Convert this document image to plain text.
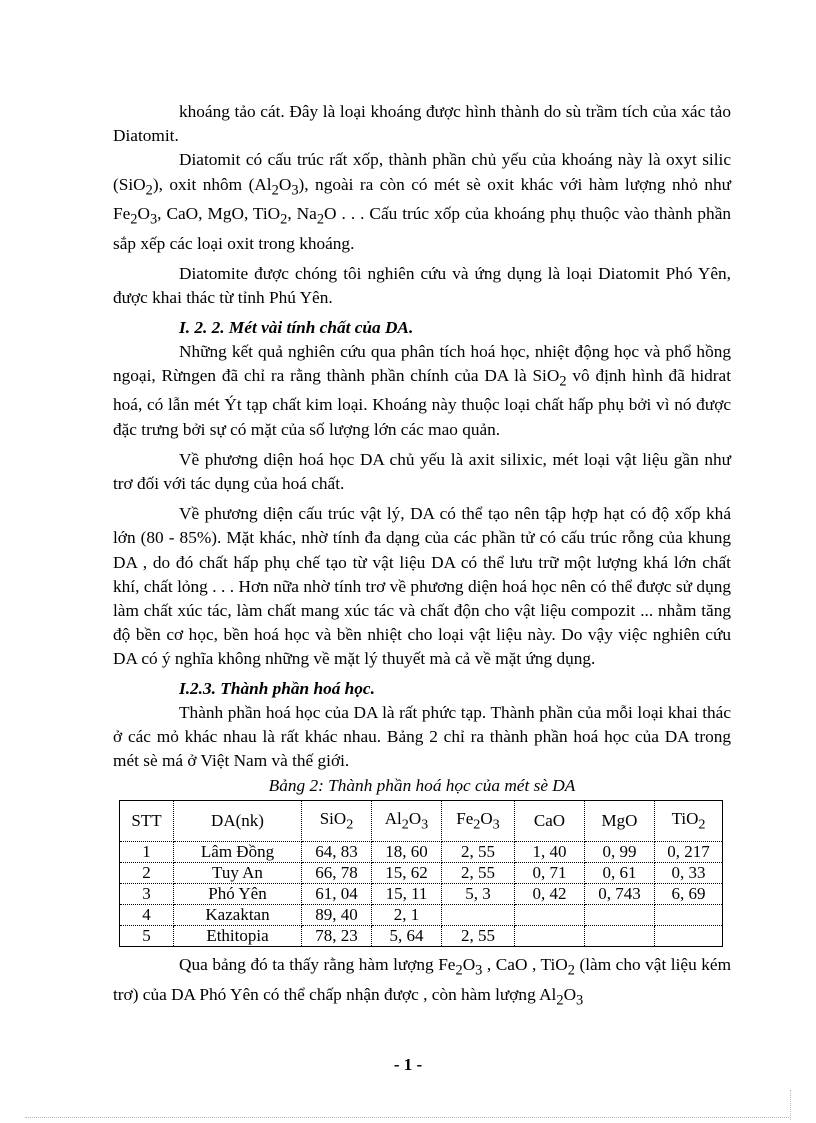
khoáng tảo cát. Đây là loại khoáng được hình thành do sù trầm tích của xác tảo Diatomit.

Diatomit có cấu trúc rất xốp, thành phần chủ yếu của khoáng này là oxyt silic (SiO$_2$), oxit nhôm $(Al_2O_3)$, ngoài ra còn có mét sè oxit khác với hàm lượng nhỏ như $Fe_2O_3$, CaO, MgO, TiO$_2$, $Na_2O$ . . . Cấu trúc xốp của khoáng phụ thuộc vào thành phần sắp xếp các loại oxit trong khoáng.

Diatomite được chóng tôi nghiên cứu và ứng dụng là loại Diatomit Phó Yên, được khai thác từ tỉnh Phú Yên.

I. 2. 2. Mét vài tính chất của DA.

Những kết quả nghiên cứu qua phân tích hoá học, nhiệt động học và phổ hồng ngoại, Rừngen đã chỉ ra rằng thành phần chính của DA là SiO$_2$ vô định hình đã hidrat hoá, có lẫn mét Ýt tạp chất kim loại. Khoáng này thuộc loại chất hấp phụ bởi vì nó được đặc trưng bởi sự có mặt của số lượng lớn các mao quản.

Về phương diện hoá học DA chủ yếu là axit silixic, mét loại vật liệu gần như trơ đối với tác dụng của hoá chất.

Về phương diện cấu trúc vật lý, DA có thể tạo nên tập hợp hạt có độ xốp khá lớn (80 - 85%). Mặt khác, nhờ tính đa dạng của các phần tử có cấu trúc rỗng của khung DA , do đó chất hấp phụ chế tạo từ vật liệu DA có thể lưu trữ một lượng khá lớn chất khí, chất lỏng . . . Hơn nữa nhờ tính trơ về phương diện hoá học nên có thể được sử dụng làm chất xúc tác, làm chất mang xúc tác và chất độn cho vật liệu compozit ... nhằm tăng độ bền cơ học, bền hoá học và bền nhiệt cho loại vật liệu này. Do vậy việc nghiên cứu DA có ý nghĩa không những về mặt lý thuyết mà cả về mặt ứng dụng.

I.2.3. Thành phần hoá học.

Thành phần hoá học của DA là rất phức tạp. Thành phần của mỗi loại khai thác ở các mỏ khác nhau là rất khác nhau. Bảng 2 chỉ ra thành phần hoá học của DA trong mét sè má ở Việt Nam và thế giới.

Bảng 2: Thành phần hoá học của mét sè DA
STT	DA(nk)	SiO$_2$	$Al_2O_3$	$Fe_2O_3$	CaO	MgO	TiO$_2$
1	Lâm Đồng	64, 83	18, 60	2, 55	1, 40	0, 99	0, 217
2	Tuy An	66, 78	15, 62	2, 55	0, 71	0, 61	0, 33
3	Phó Yên	61, 04	15, 11	5, 3	0, 42	0, 743	6, 69
4	Kazaktan	89, 40	2, 1				
5	Ethitopia	78, 23	5, 64	2, 55			

Qua bảng đó ta thấy rằng hàm lượng $Fe_2O_3$ , CaO , TiO$_2$ (làm cho vật liệu kém trơ) của DA Phó Yên có thể chấp nhận được , còn hàm lượng $Al_2O_3$

- 1 -
